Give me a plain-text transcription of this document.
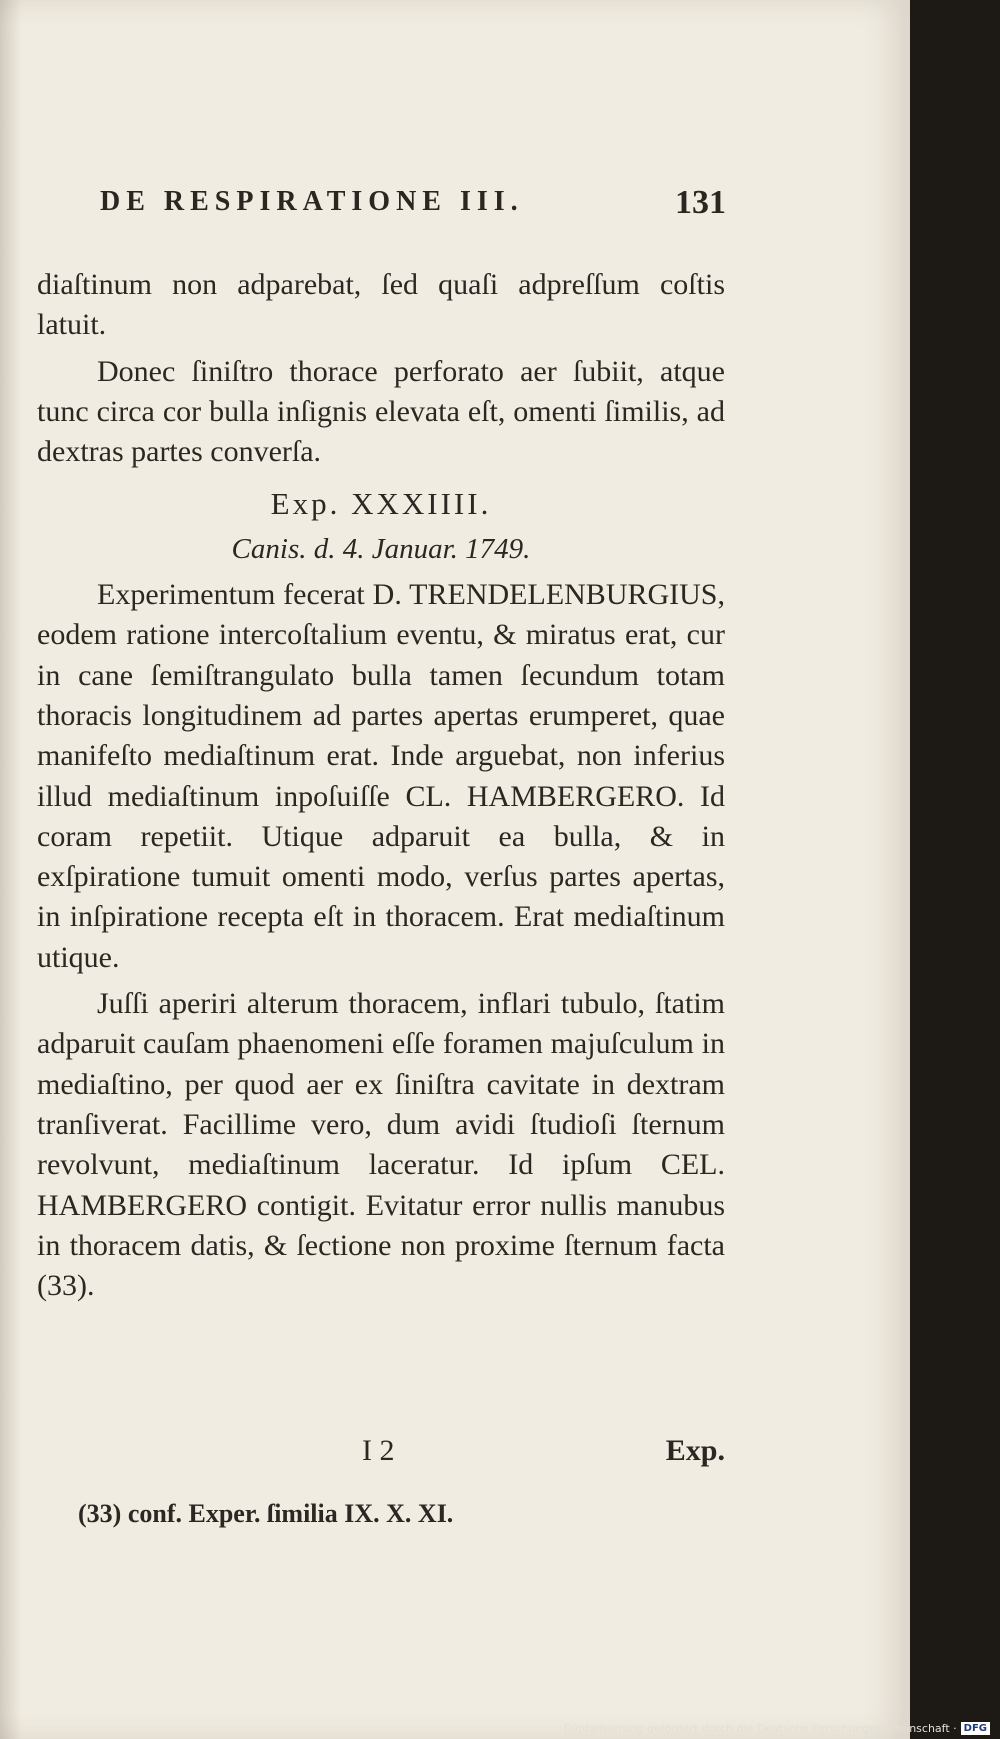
DE RESPIRATIONE III.	131

diaſtinum non adparebat, ſed quaſi adpreſſum coſtis latuit.

Donec ſiniſtro thorace perforato aer ſubiit, atque tunc circa cor bulla inſignis elevata eſt, omenti ſimilis, ad dextras partes converſa.

Exp. XXXIIII.

Canis. d. 4. Januar. 1749.

Experimentum fecerat D. TRENDELENBURGIUS, eodem ratione intercoſtalium eventu, & miratus erat, cur in cane ſemiſtrangulato bulla tamen ſecundum totam thoracis longitudinem ad partes apertas erumperet, quae manifeſto mediaſtinum erat. Inde arguebat, non inferius illud mediaſtinum inpoſuiſſe CL. HAMBERGERO. Id coram repetiit. Utique adparuit ea bulla, & in exſpiratione tumuit omenti modo, verſus partes apertas, in inſpiratione recepta eſt in thoracem. Erat mediaſtinum utique.

Juſſi aperiri alterum thoracem, inflari tubulo, ſtatim adparuit cauſam phaenomeni eſſe foramen majuſculum in mediaſtino, per quod aer ex ſiniſtra cavitate in dextram tranſiverat. Facillime vero, dum avidi ſtudioſi ſternum revolvunt, mediaſtinum laceratur. Id ipſum CEL. HAMBERGERO contigit. Evitatur error nullis manubus in thoracem datis, & ſectione non proxime ſternum facta (33).

I 2	Exp.
(33) conf. Exper. ſimilia IX. X. XI.
Digitalisierung gefördert durch die Deutsche Forschungsgemeinschaft · DFG
